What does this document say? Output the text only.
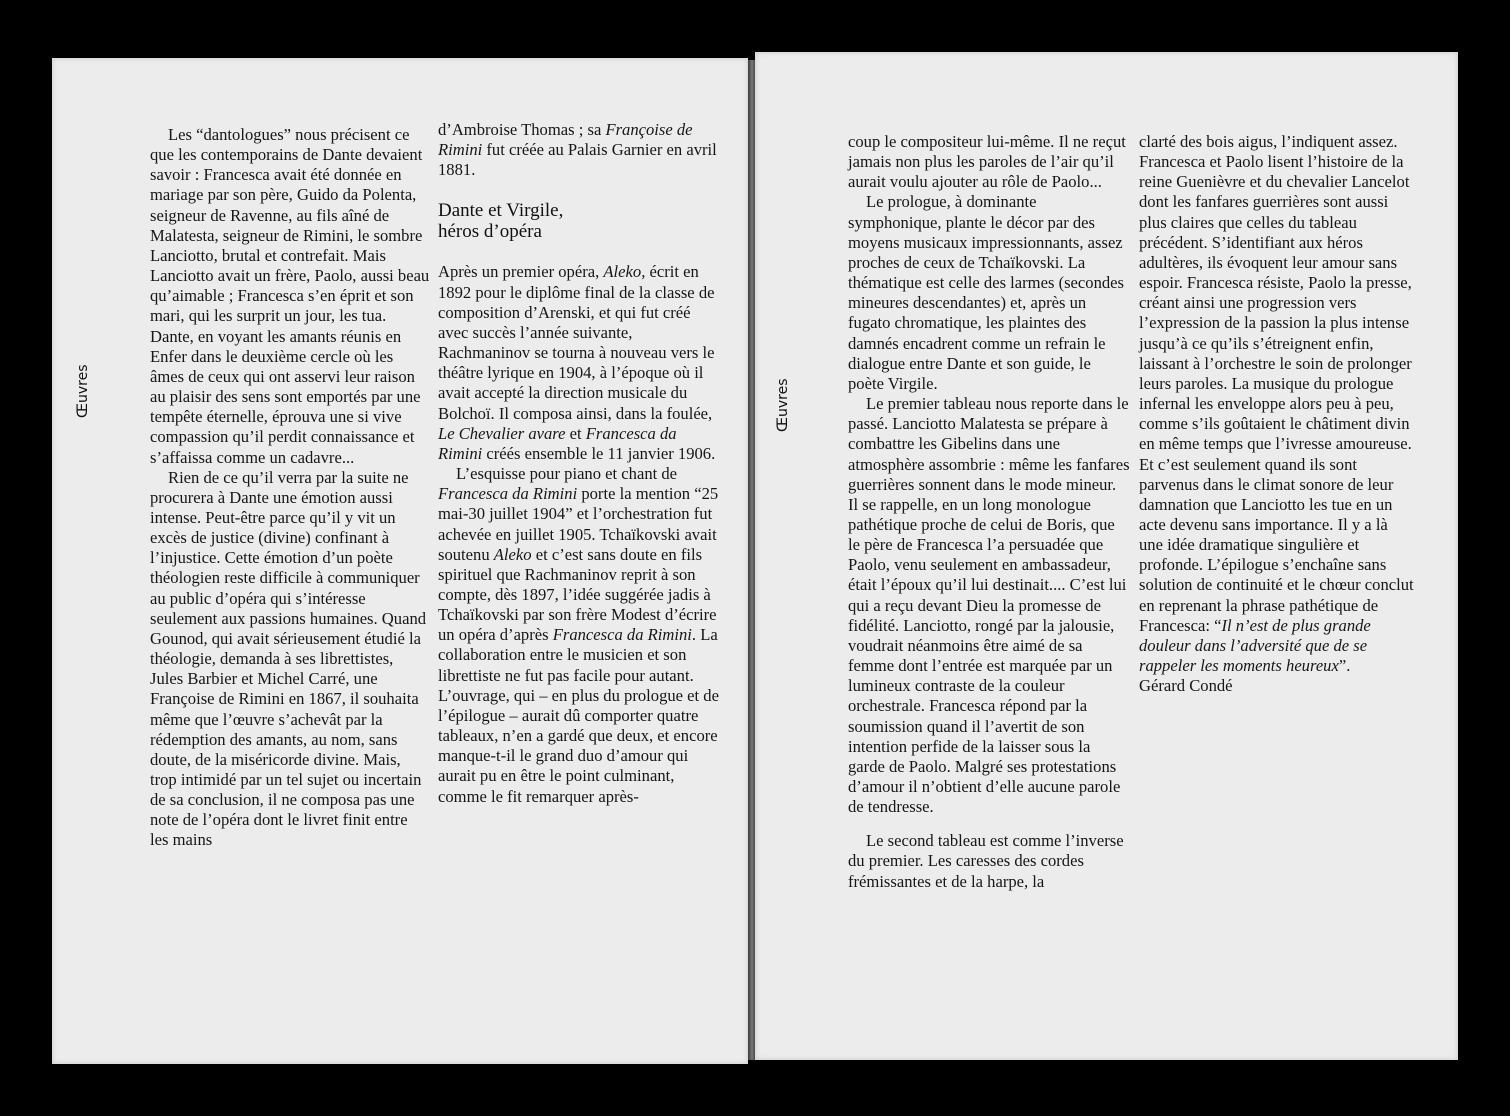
Œuvres

Les “dantologues” nous précisent ce que les contemporains de Dante devaient savoir : Francesca avait été donnée en mariage par son père, Guido da Polenta, seigneur de Ravenne, au fils aîné de Malatesta, seigneur de Rimini, le sombre Lanciotto, brutal et contrefait. Mais Lanciotto avait un frère, Paolo, aussi beau qu’aimable ; Francesca s’en éprit et son mari, qui les surprit un jour, les tua. Dante, en voyant les amants réunis en Enfer dans le deuxième cercle où les âmes de ceux qui ont asservi leur raison au plaisir des sens sont emportés par une tempête éternelle, éprouva une si vive compassion qu’il perdit connaissance et s’affaissa comme un cadavre...

Rien de ce qu’il verra par la suite ne procurera à Dante une émotion aussi intense. Peut-être parce qu’il y vit un excès de justice (divine) confinant à l’injustice. Cette émotion d’un poète théologien reste difficile à communiquer au public d’opéra qui s’intéresse seulement aux passions humaines. Quand Gounod, qui avait sérieusement étudié la théologie, demanda à ses librettistes, Jules Barbier et Michel Carré, une Françoise de Rimini en 1867, il souhaita même que l’œuvre s’achevât par la rédemption des amants, au nom, sans doute, de la miséricorde divine. Mais, trop intimidé par un tel sujet ou incertain de sa conclusion, il ne composa pas une note de l’opéra dont le livret finit entre les mains

d’Ambroise Thomas ; sa Françoise de Rimini fut créée au Palais Garnier en avril 1881.

Dante et Virgile,
héros d’opéra

Après un premier opéra, Aleko, écrit en 1892 pour le diplôme final de la classe de composition d’Arenski, et qui fut créé avec succès l’année suivante, Rachmaninov se tourna à nouveau vers le théâtre lyrique en 1904, à l’époque où il avait accepté la direction musicale du Bolchoï. Il composa ainsi, dans la foulée, Le Chevalier avare et Francesca da Rimini créés ensemble le 11 janvier 1906.

L’esquisse pour piano et chant de Francesca da Rimini porte la mention “25 mai-30 juillet 1904” et l’orchestration fut achevée en juillet 1905. Tchaïkovski avait soutenu Aleko et c’est sans doute en fils spirituel que Rachmaninov reprit à son compte, dès 1897, l’idée suggérée jadis à Tchaïkovski par son frère Modest d’écrire un opéra d’après Francesca da Rimini. La collaboration entre le musicien et son librettiste ne fut pas facile pour autant. L’ouvrage, qui – en plus du prologue et de l’épilogue – aurait dû comporter quatre tableaux, n’en a gardé que deux, et encore manque-t-il le grand duo d’amour qui aurait pu en être le point culminant, comme le fit remarquer après-

Œuvres

coup le compositeur lui-même. Il ne reçut jamais non plus les paroles de l’air qu’il aurait voulu ajouter au rôle de Paolo...

Le prologue, à dominante symphonique, plante le décor par des moyens musicaux impressionnants, assez proches de ceux de Tchaïkovski. La thématique est celle des larmes (secondes mineures descendantes) et, après un fugato chromatique, les plaintes des damnés encadrent comme un refrain le dialogue entre Dante et son guide, le poète Virgile.

Le premier tableau nous reporte dans le passé. Lanciotto Malatesta se prépare à combattre les Gibelins dans une atmosphère assombrie : même les fanfares guerrières sonnent dans le mode mineur. Il se rappelle, en un long monologue pathétique proche de celui de Boris, que le père de Francesca l’a persuadée que Paolo, venu seulement en ambassadeur, était l’époux qu’il lui destinait.... C’est lui qui a reçu devant Dieu la promesse de fidélité. Lanciotto, rongé par la jalousie, voudrait néanmoins être aimé de sa femme dont l’entrée est marquée par un lumineux contraste de la couleur orchestrale. Francesca répond par la soumission quand il l’avertit de son intention perfide de la laisser sous la garde de Paolo. Malgré ses protestations d’amour il n’obtient d’elle aucune parole de tendresse.

Le second tableau est comme l’inverse du premier. Les caresses des cordes frémissantes et de la harpe, la

clarté des bois aigus, l’indiquent assez. Francesca et Paolo lisent l’histoire de la reine Guenièvre et du chevalier Lancelot dont les fanfares guerrières sont aussi plus claires que celles du tableau précédent. S’identifiant aux héros adultères, ils évoquent leur amour sans espoir. Francesca résiste, Paolo la presse, créant ainsi une progression vers l’expression de la passion la plus intense jusqu’à ce qu’ils s’étreignent enfin, laissant à l’orchestre le soin de prolonger leurs paroles. La musique du prologue infernal les enveloppe alors peu à peu, comme s’ils goûtaient le châtiment divin en même temps que l’ivresse amoureuse. Et c’est seulement quand ils sont parvenus dans le climat sonore de leur damnation que Lanciotto les tue en un acte devenu sans importance. Il y a là une idée dramatique singulière et profonde. L’épilogue s’enchaîne sans solution de continuité et le chœur conclut en reprenant la phrase pathétique de Francesca: “Il n’est de plus grande douleur dans l’adversité que de se rappeler les moments heureux”.

Gérard Condé
